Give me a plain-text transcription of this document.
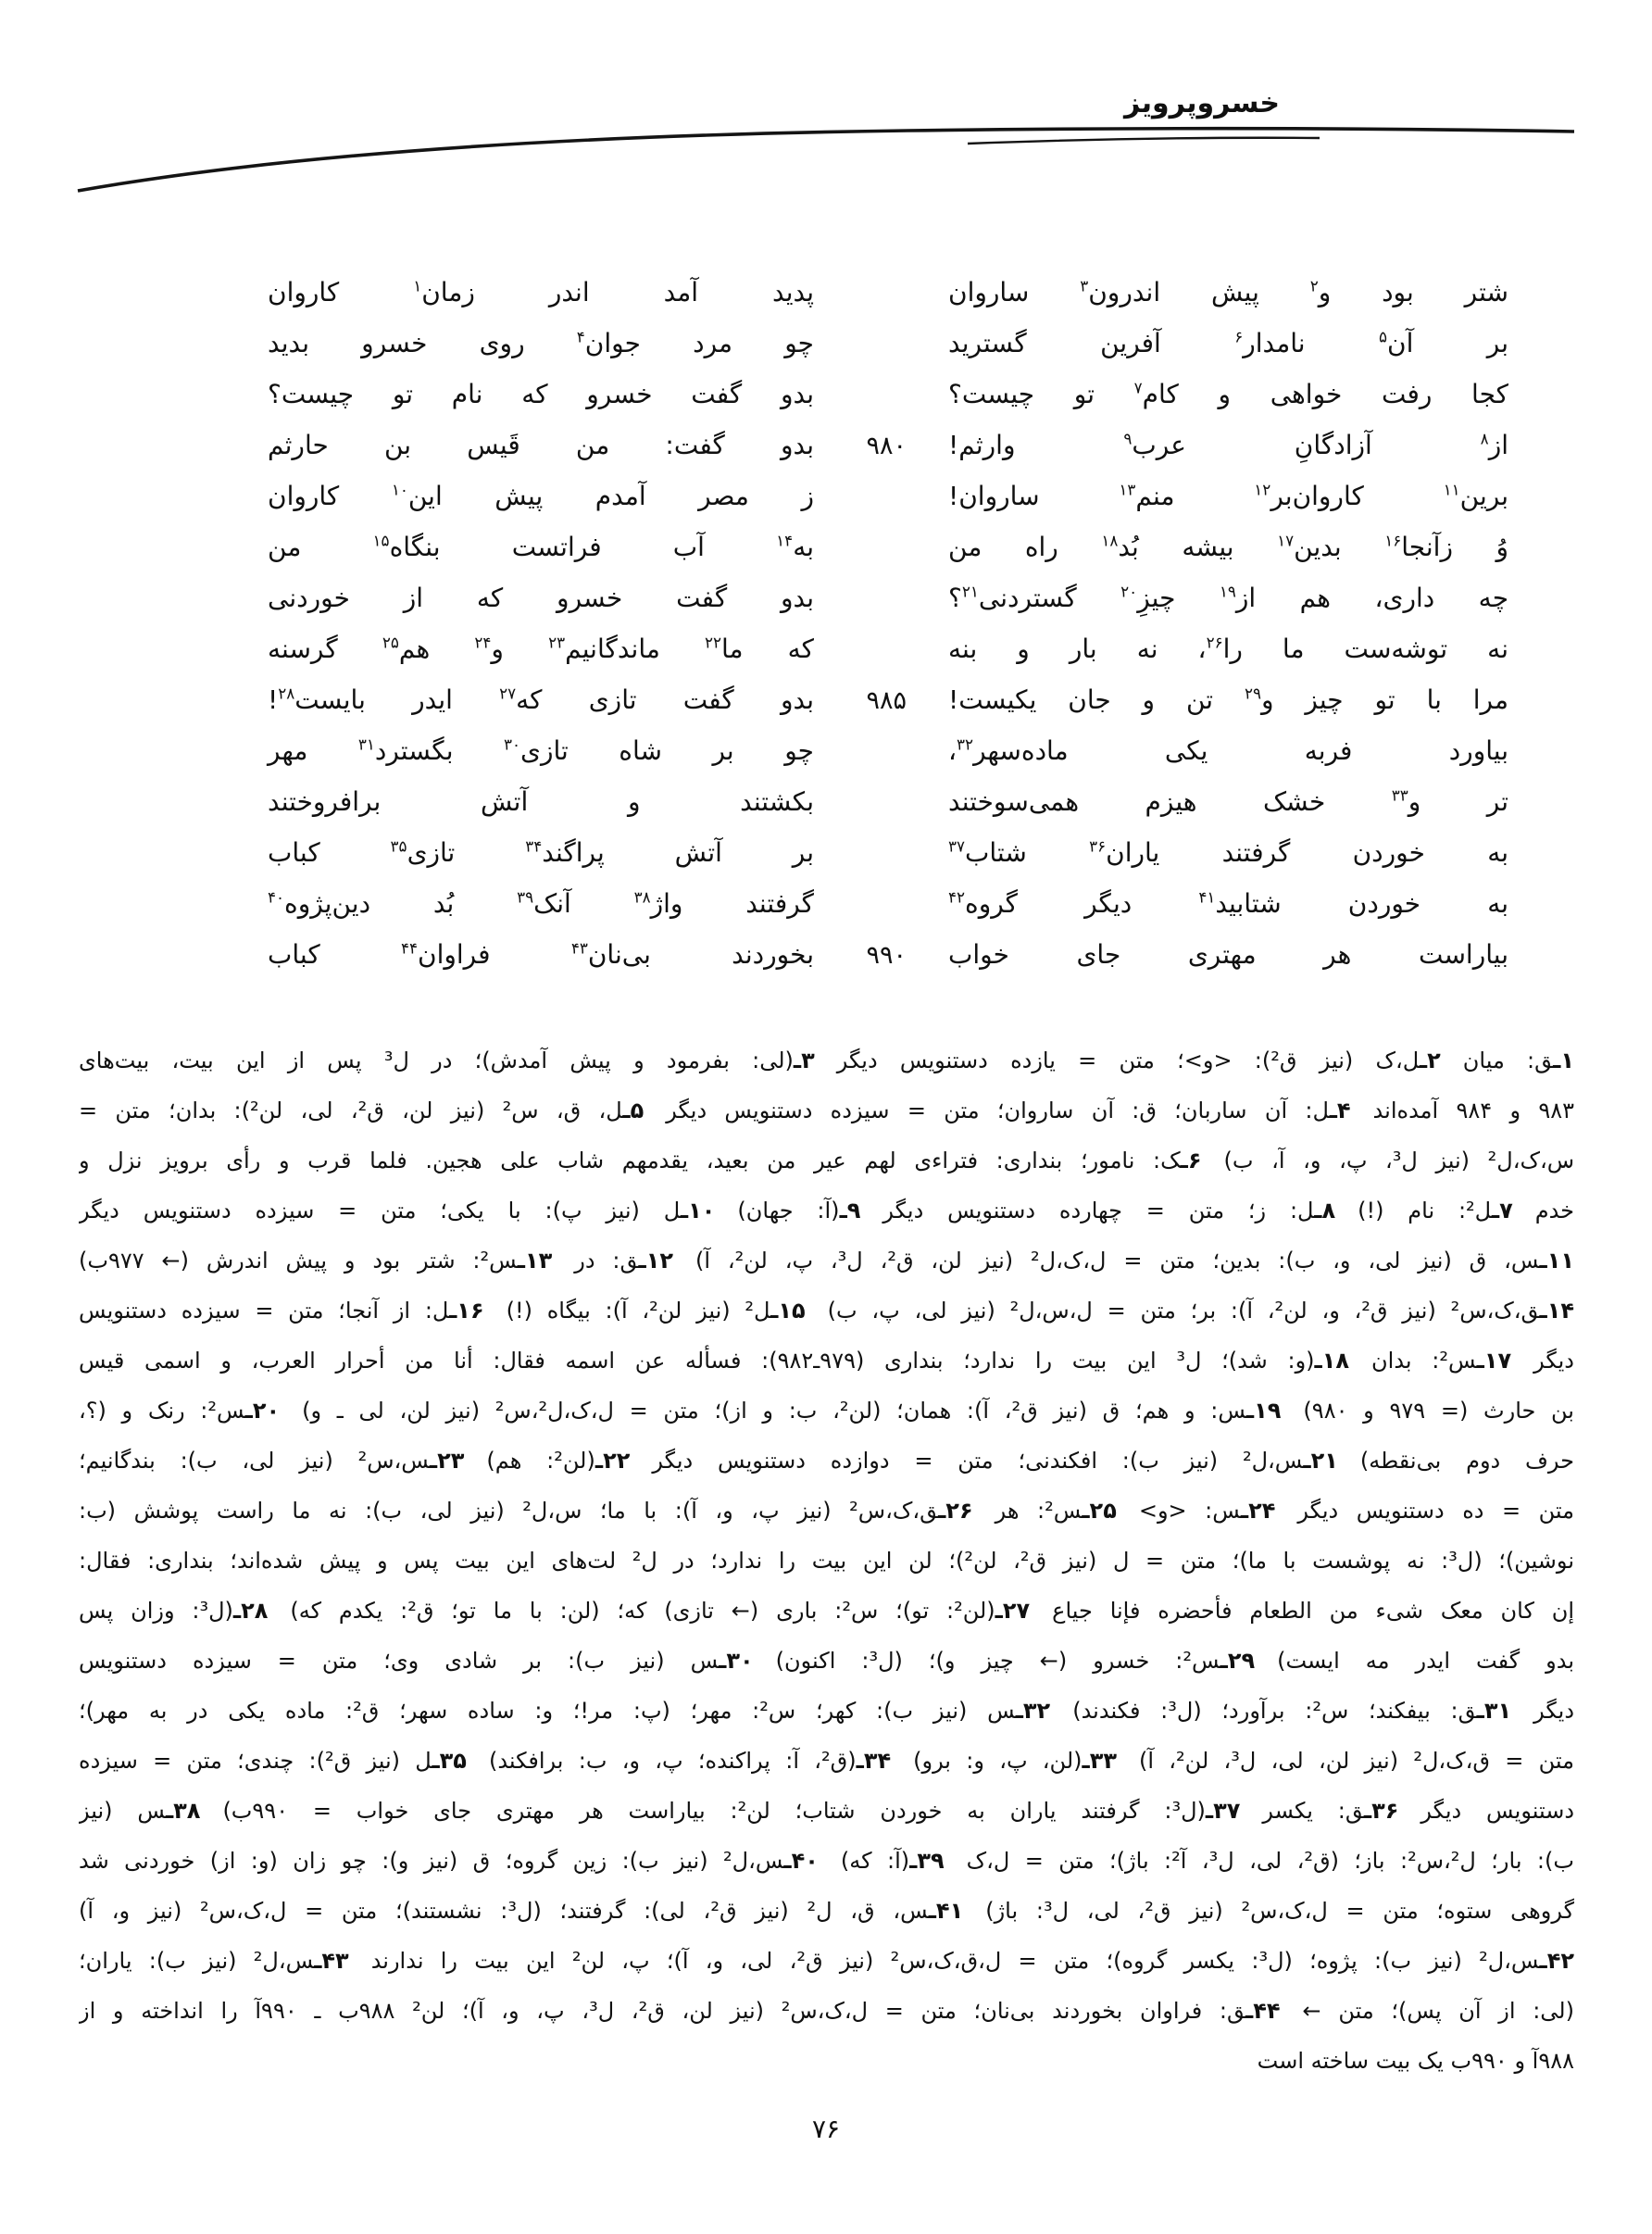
خسروپرویز
پدید آمد اندر زمان$^۱$ کاروان	شتر بود و$^۲$ پیش اندرون$^۳$ ساروان
چو مرد جوان$^۴$ روی خسرو بدید	بر آن$^۵$ نامدار$^۶$ آفرین گسترید
بدو گفت خسرو که نام تو چیست؟	کجا رفت خواهی و کام$^۷$ تو چیست؟
بدو گفت: من قَیس بن حارثم	۹۸۰	از$^۸$ آزادگانِ عرب$^۹$ وارثم!
ز مصر آمدم پیش این$^{۱۰}$ کاروان	برین$^{۱۱}$ کاروان‌بر$^{۱۲}$ منم$^{۱۳}$ ساروان!
به$^{۱۴}$ آب فراتست بنگاه$^{۱۵}$ من	وُ زآنجا$^{۱۶}$ بدین$^{۱۷}$ بیشه بُد$^{۱۸}$ راه من
بدو گفت خسرو که از خوردنی	چه داری، هم از$^{۱۹}$ چیزِ$^{۲۰}$ گستردنی$^{۲۱}$؟
که ما$^{۲۲}$ ماندگانیم$^{۲۳}$ و$^{۲۴}$ هم$^{۲۵}$ گرسنه	نه توشه‌ست ما را$^{۲۶}$، نه بار و بنه
بدو گفت تازی که$^{۲۷}$ ایدر بایست$^{۲۸}$!	۹۸۵	مرا با تو چیز و$^{۲۹}$ تن و جان یکیست!
چو بر شاه تازی$^{۳۰}$ بگسترد$^{۳۱}$ مهر	بیاورد فربه یکی ماده‌سهر$^{۳۲}$،
بکشتند و آتش برافروختند	تر و$^{۳۳}$ خشک هیزم همی‌سوختند
بر آتش پراگند$^{۳۴}$ تازی$^{۳۵}$ کباب	به خوردن گرفتند یاران$^{۳۶}$ شتاب$^{۳۷}$
گرفتند واژ$^{۳۸}$ آنک$^{۳۹}$ بُد دین‌پژوه$^{۴۰}$	به خوردن شتابید$^{۴۱}$ دیگر گروه$^{۴۲}$
بخوردند بی‌نان$^{۴۳}$ فراوان$^{۴۴}$ کباب	۹۹۰ بیاراست هر مهتری جای خواب
۱ـق: میان ۲ـل،ک (نیز ق²): <و>؛ متن = یازده دستنویس دیگر ۳ـ(لی: بفرمود و پیش آمدش)؛ در ل³ پس از این بیت، بیت‌های
۹۸۳ و ۹۸۴ آمده‌اند ۴ـل: آن ساربان؛ ق: آن ساروان؛ متن = سیزده دستنویس دیگر ۵ـل، ق، س² (نیز لن، ق²، لی، لن²): بدان؛ متن =
س،ک،ل² (نیز ل³، پ، و، آ، ب) ۶ـک: نامور؛ بنداری: فتراءی لهم عیر من بعید، یقدمهم شاب علی هجین. فلما قرب و رأی برویز نزل و
خدم ۷ـل²: نام (!) ۸ـل: ز؛ متن = چهارده دستنویس دیگر ۹ـ(آ: جهان) ۱۰ـل (نیز پ): با یکی؛ متن = سیزده دستنویس دیگر
۱۱ـس، ق (نیز لی، و، ب): بدین؛ متن = ل،ک،ل² (نیز لن، ق²، ل³، پ، لن²، آ) ۱۲ـق: در ۱۳ـس²: شتر بود و پیش اندرش (← ۹۷۷ب)
۱۴ـق،ک،س² (نیز ق²، و، لن²، آ): بر؛ متن = ل،س،ل² (نیز لی، پ، ب) ۱۵ـل² (نیز لن²، آ): بیگاه (!) ۱۶ـل: از آنجا؛ متن = سیزده دستنویس
دیگر ۱۷ـس²: بدان ۱۸ـ(و: شد)؛ ل³ این بیت را ندارد؛ بنداری (۹۷۹ـ۹۸۲): فسأله عن اسمه فقال: أنا من أحرار العرب، و اسمی قیس
بن حارث (= ۹۷۹ و ۹۸۰) ۱۹ـس: و هم؛ ق (نیز ق²، آ): همان؛ (لن²، ب: و از)؛ متن = ل،ک،ل²،س² (نیز لن، لی ـ و) ۲۰ـس²: رنک و (؟،
حرف دوم بی‌نقطه) ۲۱ـس،ل² (نیز ب): افکندنی؛ متن = دوازده دستنویس دیگر ۲۲ـ(لن²: هم) ۲۳ـس،س² (نیز لی، ب): بندگانیم؛
متن = ده دستنویس دیگر ۲۴ـس: <و> ۲۵ـس²: هر ۲۶ـق،ک،س² (نیز پ، و، آ): با ما؛ س،ل² (نیز لی، ب): نه ما راست پوشش (ب:
نوشین)؛ (ل³: نه پوشست با ما)؛ متن = ل (نیز ق²، لن²)؛ لن این بیت را ندارد؛ در ل² لت‌های این بیت پس و پیش شده‌اند؛ بنداری: فقال:
إن کان معک شیء من الطعام فأحضره فإنا جیاع ۲۷ـ(لن²: تو)؛ س²: باری (← تازی) که؛ (لن: با ما تو؛ ق²: یکدم که) ۲۸ـ(ل³: وزان پس
بدو گفت ایدر مه ایست) ۲۹ـس²: خسرو (← چیز و)؛ (ل³: اکنون) ۳۰ـس (نیز ب): بر شادی وی؛ متن = سیزده دستنویس
دیگر ۳۱ـق: بیفکند؛ س²: برآورد؛ (ل³: فکندند) ۳۲ـس (نیز ب): کهر؛ س²: مهر؛ (پ: مر!؛ و: ساده سهر؛ ق²: ماده یکی در به مهر)؛
متن = ق،ک،ل² (نیز لن، لی، ل³، لن²، آ) ۳۳ـ(لن، پ، و: برو) ۳۴ـ(ق²، آ: پراکنده؛ پ، و، ب: برافکند) ۳۵ـل (نیز ق²): چندی؛ متن = سیزده
دستنویس دیگر ۳۶ـق: یکسر ۳۷ـ(ل³: گرفتند یاران به خوردن شتاب؛ لن²: بیاراست هر مهتری جای خواب = ۹۹۰ب) ۳۸ـس (نیز
ب): بار؛ ل²،س²: باز؛ (ق²، لی، ل³، آ²: باژ)؛ متن = ل،ک ۳۹ـ(آ: که) ۴۰ـس،ل² (نیز ب): زین گروه؛ ق (نیز و): چو زان (و: از) خوردنی شد
گروهی ستوه؛ متن = ل،ک،س² (نیز ق²، لی، ل³: باژ) ۴۱ـس، ق، ل² (نیز ق²، لی): گرفتند؛ (ل³: نشستند)؛ متن = ل،ک،س² (نیز و، آ)
۴۲ـس،ل² (نیز ب): پژوه؛ (ل³: یکسر گروه)؛ متن = ل،ق،ک،س² (نیز ق²، لی، و، آ)؛ پ، لن² این بیت را ندارند ۴۳ـس،ل² (نیز ب): یاران؛
(لی: از آن پس)؛ متن ← ۴۴ـق: فراوان بخوردند بی‌نان؛ متن = ل،ک،س² (نیز لن، ق²، ل³، پ، و، آ)؛ لن² ۹۸۸ب ـ ۹۹۰آ را انداخته و از
۹۸۸آ و ۹۹۰ب یک بیت ساخته است
۷۶
